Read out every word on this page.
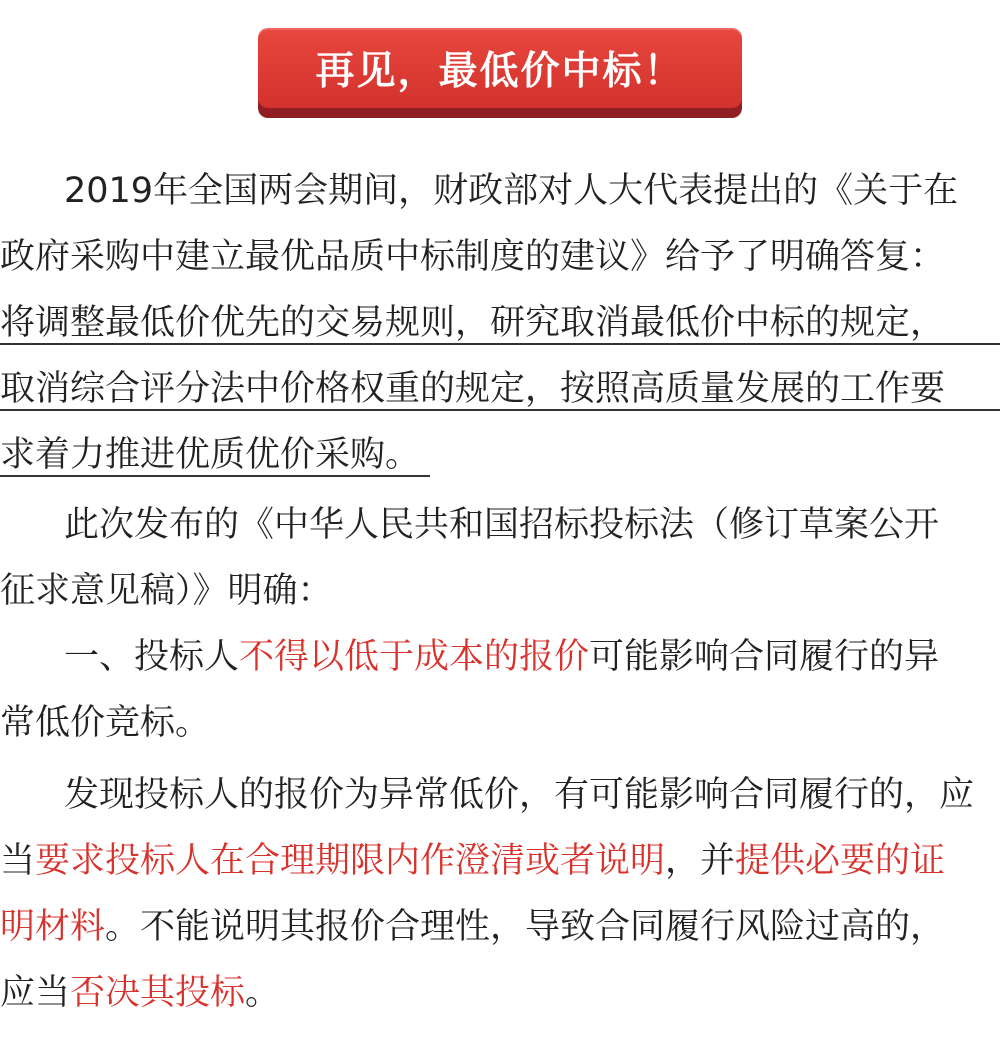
再见，最低价中标！
2019年全国两会期间，财政部对人大代表提出的《关于在
政府采购中建立最优品质中标制度的建议》给予了明确答复：
将调整最低价优先的交易规则，研究取消最低价中标的规定，
取消综合评分法中价格权重的规定，按照高质量发展的工作要
求着力推进优质优价采购。
此次发布的《中华人民共和国招标投标法（修订草案公开
征求意见稿）》明确：
一、投标人不得以低于成本的报价可能影响合同履行的异
常低价竞标。
发现投标人的报价为异常低价，有可能影响合同履行的，应
当要求投标人在合理期限内作澄清或者说明，并提供必要的证
明材料。不能说明其报价合理性，导致合同履行风险过高的，
应当否决其投标。
